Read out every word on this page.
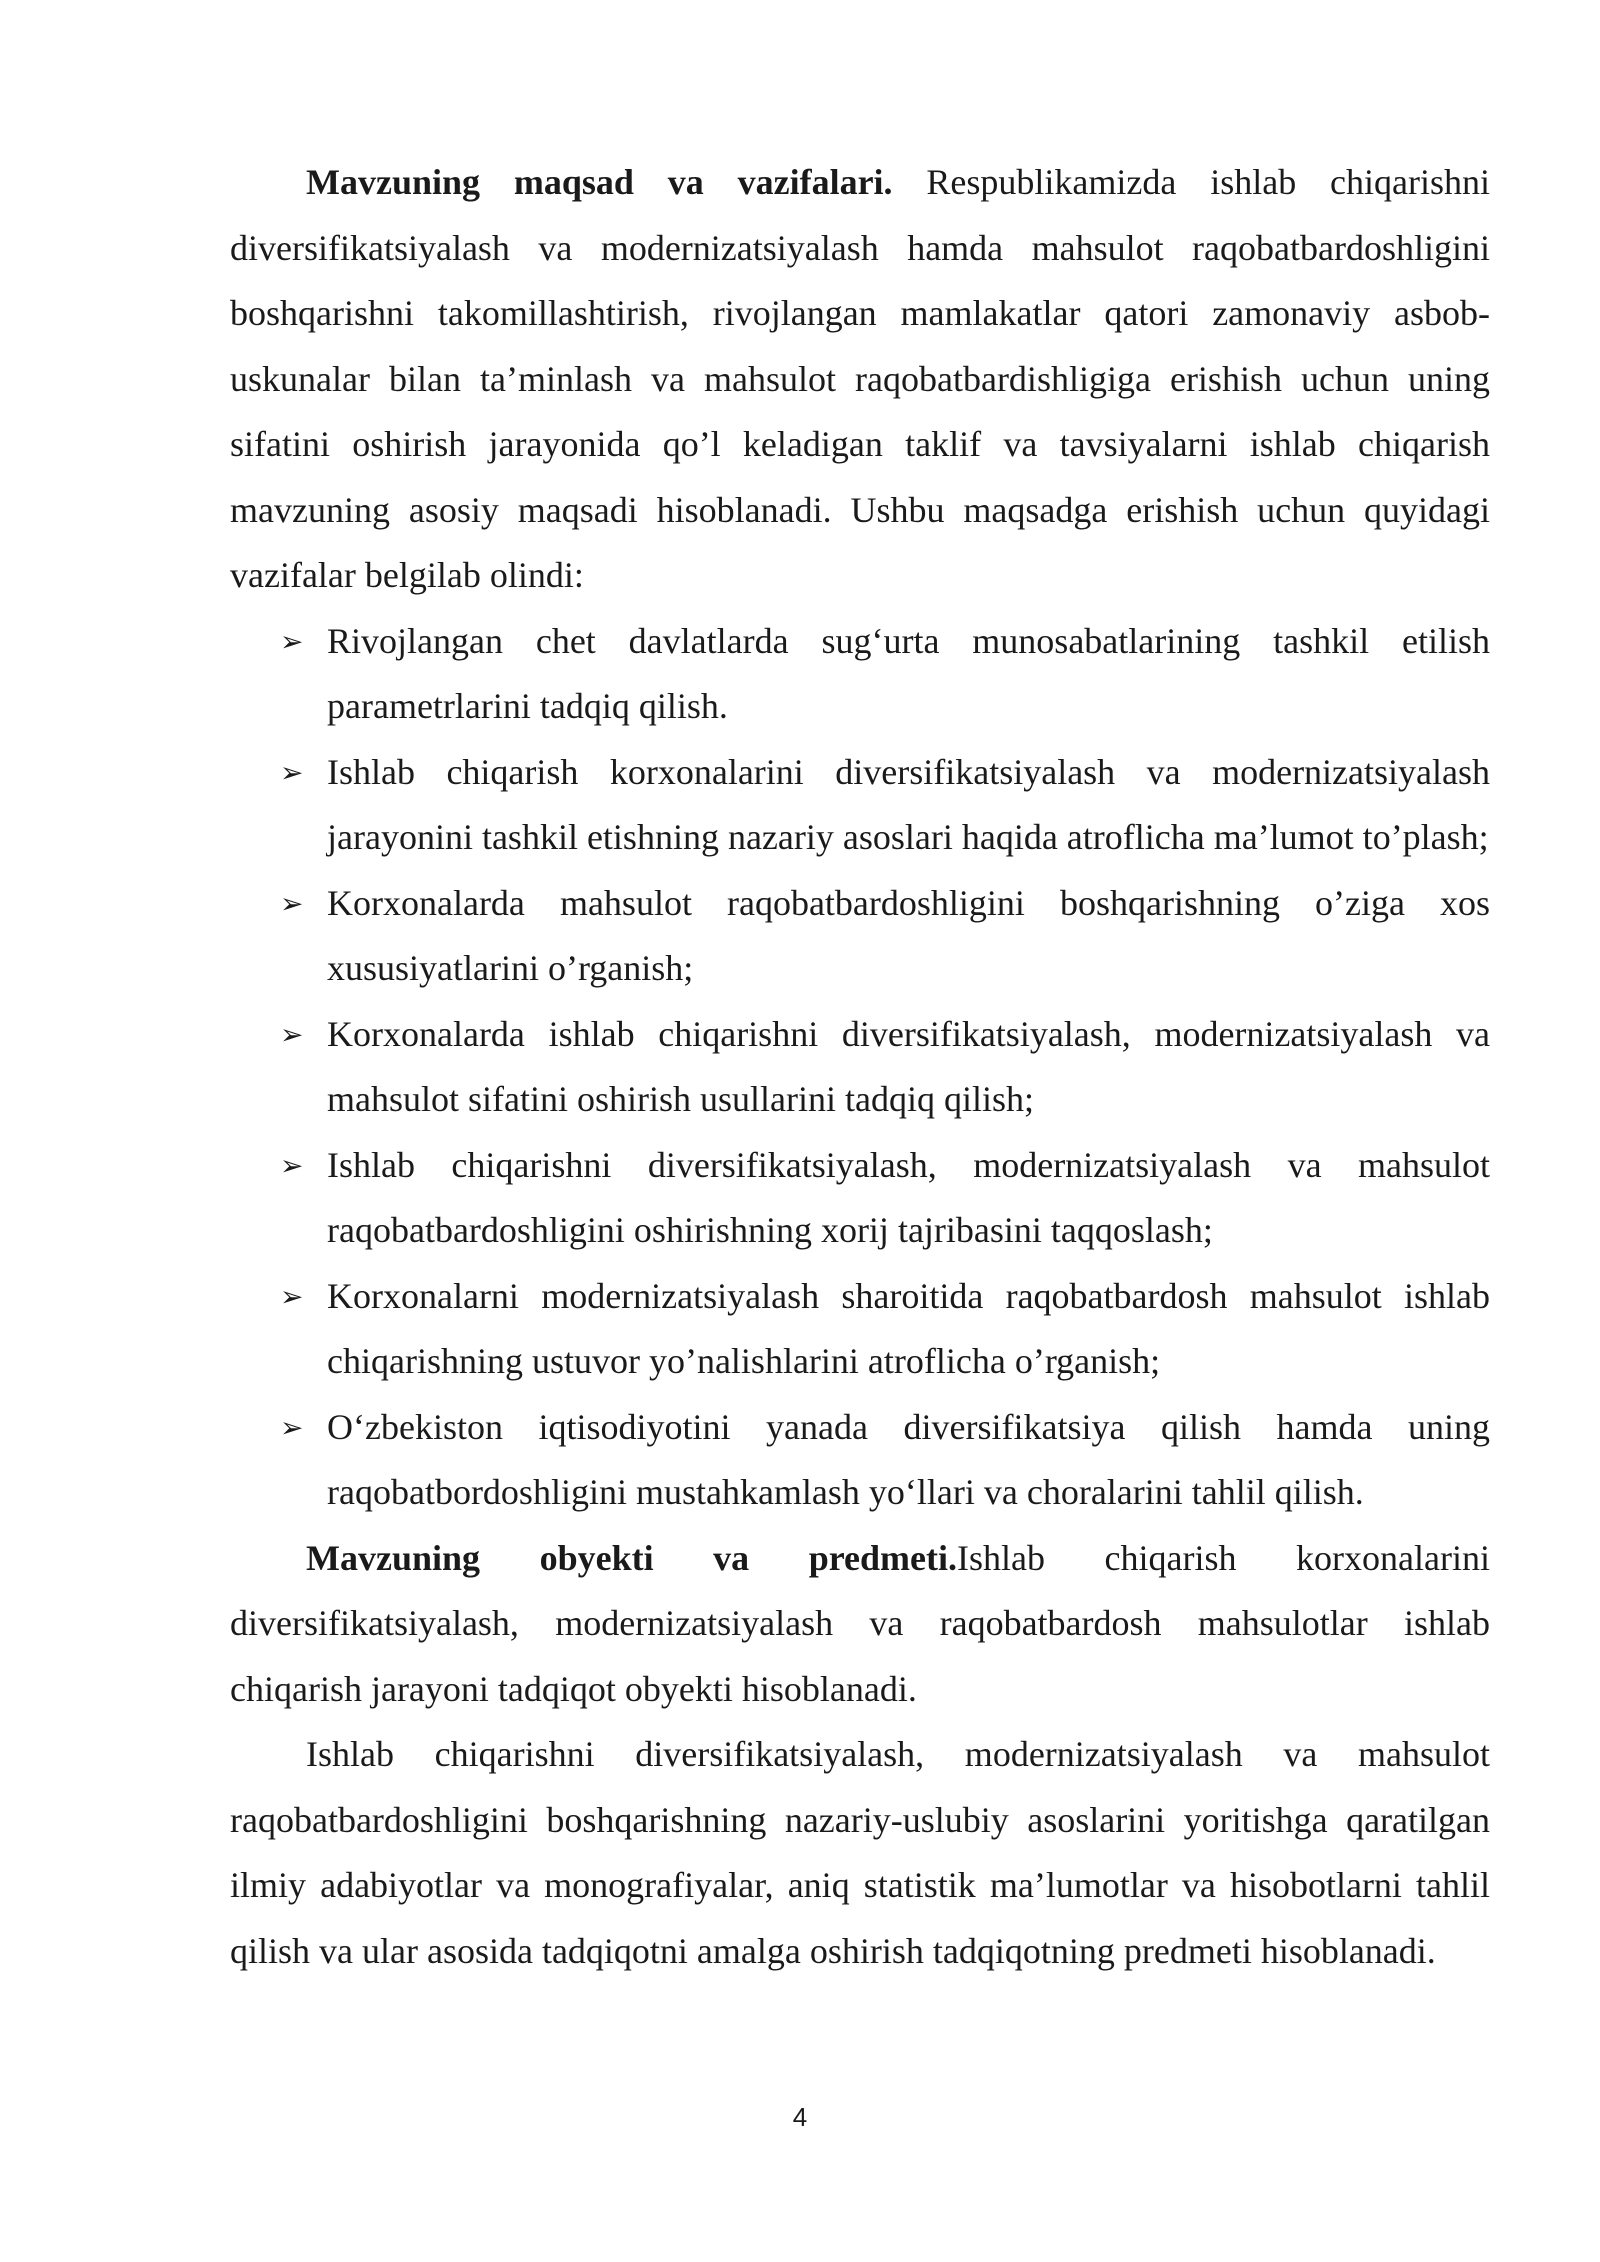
Mavzuning maqsad va vazifalari. Respublikamizda ishlab chiqarishni diversifikatsiyalash va modernizatsiyalash hamda mahsulot raqobatbardoshligini boshqarishni takomillashtirish, rivojlangan mamlakatlar qatori zamonaviy asbob-uskunalar bilan ta’minlash va mahsulot raqobatbardishligiga erishish uchun uning sifatini oshirish jarayonida qo’l keladigan taklif va tavsiyalarni ishlab chiqarish mavzuning asosiy maqsadi hisoblanadi. Ushbu maqsadga erishish uchun quyidagi vazifalar belgilab olindi:

➢ Rivojlangan chet davlatlarda sug‘urta munosabatlarining tashkil etilish parametrlarini tadqiq qilish.
➢ Ishlab chiqarish korxonalarini diversifikatsiyalash va modernizatsiyalash jarayonini tashkil etishning nazariy asoslari haqida atroflicha ma’lumot to’plash;
➢ Korxonalarda mahsulot raqobatbardoshligini boshqarishning o’ziga xos xususiyatlarini o’rganish;
➢ Korxonalarda ishlab chiqarishni diversifikatsiyalash, modernizatsiyalash va mahsulot sifatini oshirish usullarini tadqiq qilish;
➢ Ishlab chiqarishni diversifikatsiyalash, modernizatsiyalash va mahsulot raqobatbardoshligini oshirishning xorij tajribasini taqqoslash;
➢ Korxonalarni modernizatsiyalash sharoitida raqobatbardosh mahsulot ishlab chiqarishning ustuvor yo’nalishlarini atroflicha o’rganish;
➢ O‘zbekiston iqtisodiyotini yanada diversifikatsiya qilish hamda uning raqobatbordoshligini mustahkamlash yo‘llari va choralarini tahlil qilish.

Mavzuning obyekti va predmeti.Ishlab chiqarish korxonalarini diversifikatsiyalash, modernizatsiyalash va raqobatbardosh mahsulotlar ishlab chiqarish jarayoni tadqiqot obyekti hisoblanadi.

Ishlab chiqarishni diversifikatsiyalash, modernizatsiyalash va mahsulot raqobatbardoshligini boshqarishning nazariy-uslubiy asoslarini yoritishga qaratilgan ilmiy adabiyotlar va monografiyalar, aniq statistik ma’lumotlar va hisobotlarni tahlil qilish va ular asosida tadqiqotni amalga oshirish tadqiqotning predmeti hisoblanadi.

4
